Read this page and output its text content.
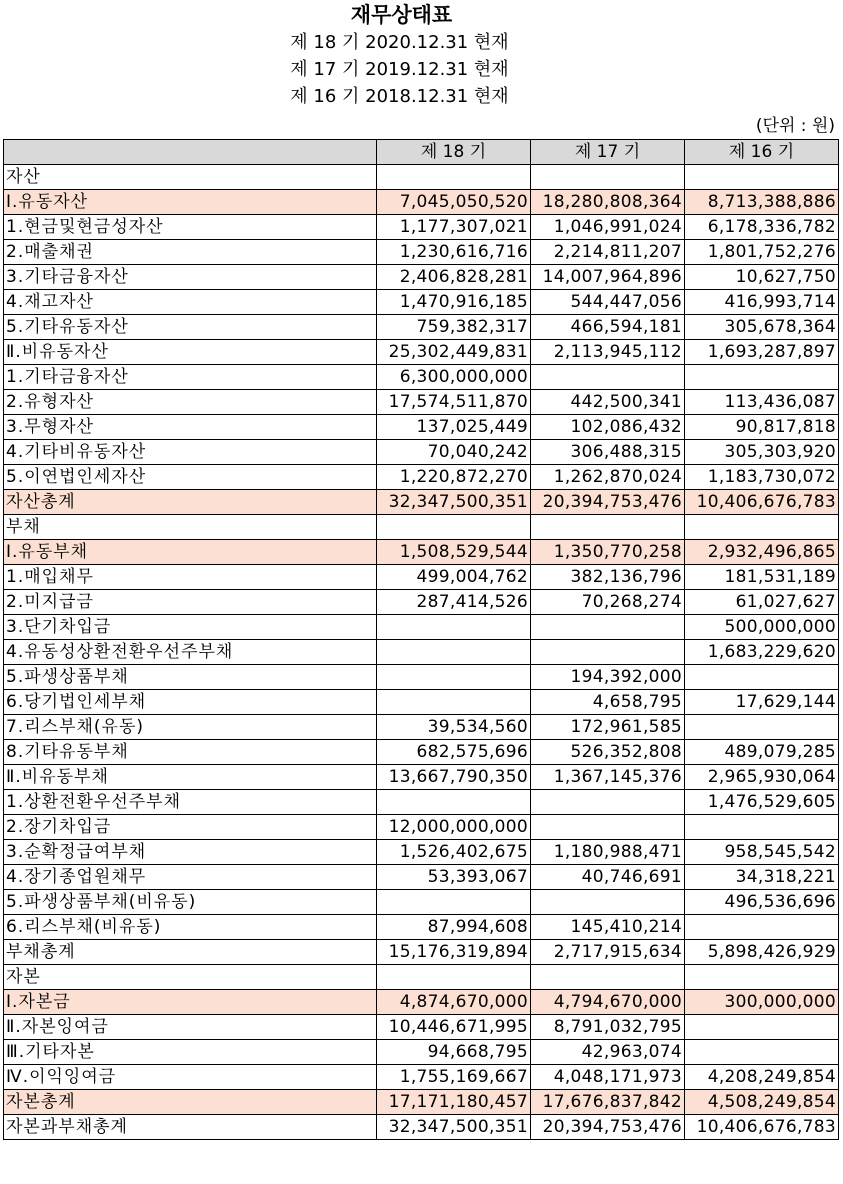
재무상태표
제 18 기 2020.12.31 현재
제 17 기 2019.12.31 현재
제 16 기 2018.12.31 현재
(단위 : 원)
	제 18 기	제 17 기	제 16 기
자산			
Ⅰ.유동자산	7,045,050,520	18,280,808,364	8,713,388,886
1.현금및현금성자산	1,177,307,021	1,046,991,024	6,178,336,782
2.매출채권	1,230,616,716	2,214,811,207	1,801,752,276
3.기타금융자산	2,406,828,281	14,007,964,896	10,627,750
4.재고자산	1,470,916,185	544,447,056	416,993,714
5.기타유동자산	759,382,317	466,594,181	305,678,364
Ⅱ.비유동자산	25,302,449,831	2,113,945,112	1,693,287,897
1.기타금융자산	6,300,000,000		
2.유형자산	17,574,511,870	442,500,341	113,436,087
3.무형자산	137,025,449	102,086,432	90,817,818
4.기타비유동자산	70,040,242	306,488,315	305,303,920
5.이연법인세자산	1,220,872,270	1,262,870,024	1,183,730,072
자산총계	32,347,500,351	20,394,753,476	10,406,676,783
부채			
Ⅰ.유동부채	1,508,529,544	1,350,770,258	2,932,496,865
1.매입채무	499,004,762	382,136,796	181,531,189
2.미지급금	287,414,526	70,268,274	61,027,627
3.단기차입금			500,000,000
4.유동성상환전환우선주부채			1,683,229,620
5.파생상품부채		194,392,000	
6.당기법인세부채		4,658,795	17,629,144
7.리스부채(유동)	39,534,560	172,961,585	
8.기타유동부채	682,575,696	526,352,808	489,079,285
Ⅱ.비유동부채	13,667,790,350	1,367,145,376	2,965,930,064
1.상환전환우선주부채			1,476,529,605
2.장기차입금	12,000,000,000		
3.순확정급여부채	1,526,402,675	1,180,988,471	958,545,542
4.장기종업원채무	53,393,067	40,746,691	34,318,221
5.파생상품부채(비유동)			496,536,696
6.리스부채(비유동)	87,994,608	145,410,214	
부채총계	15,176,319,894	2,717,915,634	5,898,426,929
자본			
Ⅰ.자본금	4,874,670,000	4,794,670,000	300,000,000
Ⅱ.자본잉여금	10,446,671,995	8,791,032,795	
Ⅲ.기타자본	94,668,795	42,963,074	
Ⅳ.이익잉여금	1,755,169,667	4,048,171,973	4,208,249,854
자본총계	17,171,180,457	17,676,837,842	4,508,249,854
자본과부채총계	32,347,500,351	20,394,753,476	10,406,676,783
